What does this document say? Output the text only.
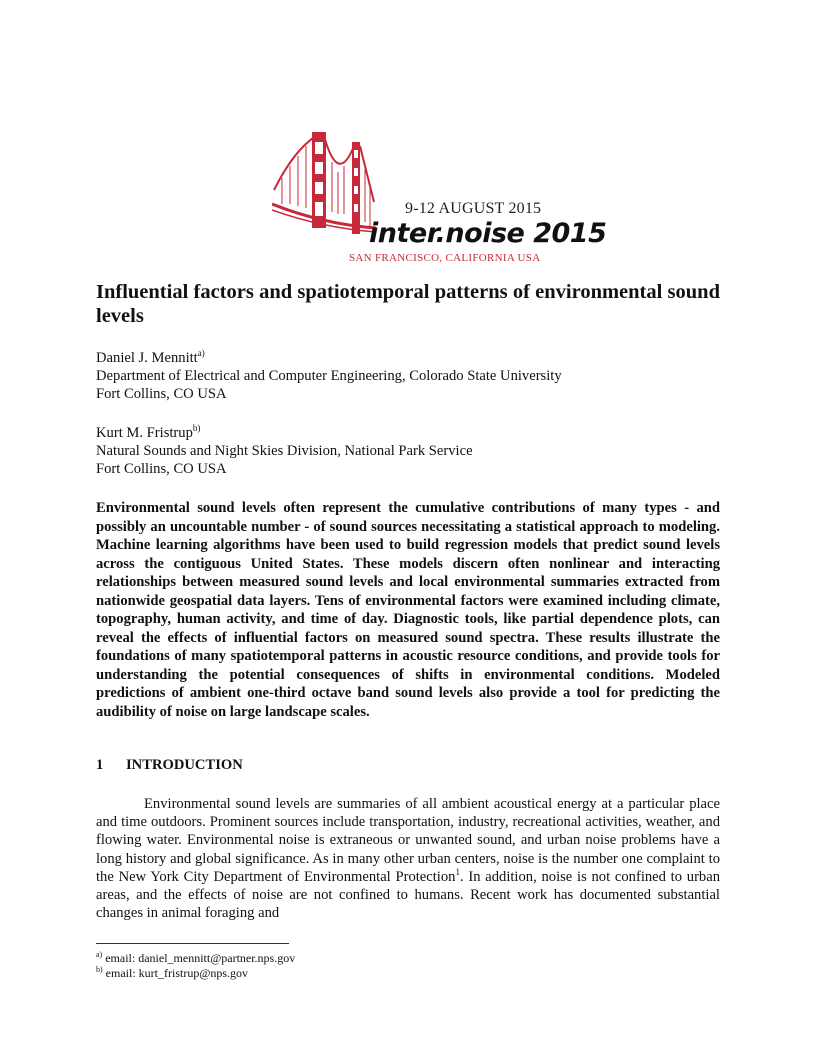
9-12 AUGUST 2015
inter.noise 2015
SAN FRANCISCO, CALIFORNIA USA
Influential factors and spatiotemporal patterns of environmental sound levels
Daniel J. Mennitt$^{a)}$
Department of Electrical and Computer Engineering, Colorado State University
Fort Collins, CO USA
Kurt M. Fristrup$^{b)}$
Natural Sounds and Night Skies Division, National Park Service
Fort Collins, CO USA

Environmental sound levels often represent the cumulative contributions of many types - and possibly an uncountable number - of sound sources necessitating a statistical approach to modeling. Machine learning algorithms have been used to build regression models that predict sound levels across the contiguous United States. These models discern often nonlinear and interacting relationships between measured sound levels and local environmental summaries extracted from nationwide geospatial data layers. Tens of environmental factors were examined including climate, topography, human activity, and time of day. Diagnostic tools, like partial dependence plots, can reveal the effects of influential factors on measured sound spectra. These results illustrate the foundations of many spatiotemporal patterns in acoustic resource conditions, and provide tools for understanding the potential consequences of shifts in environmental conditions. Modeled predictions of ambient one-third octave band sound levels also provide a tool for predicting the audibility of noise on large landscape scales.

1 INTRODUCTION

Environmental sound levels are summaries of all ambient acoustical energy at a particular place and time outdoors. Prominent sources include transportation, industry, recreational activities, weather, and flowing water. Environmental noise is extraneous or unwanted sound, and urban noise problems have a long history and global significance. As in many other urban centers, noise is the number one complaint to the New York City Department of Environmental Protection$^1$. In addition, noise is not confined to urban areas, and the effects of noise are not confined to humans. Recent work has documented substantial changes in animal foraging and

$^{a)}$ email: daniel_mennitt@partner.nps.gov
$^{b)}$ email: kurt_fristrup@nps.gov
